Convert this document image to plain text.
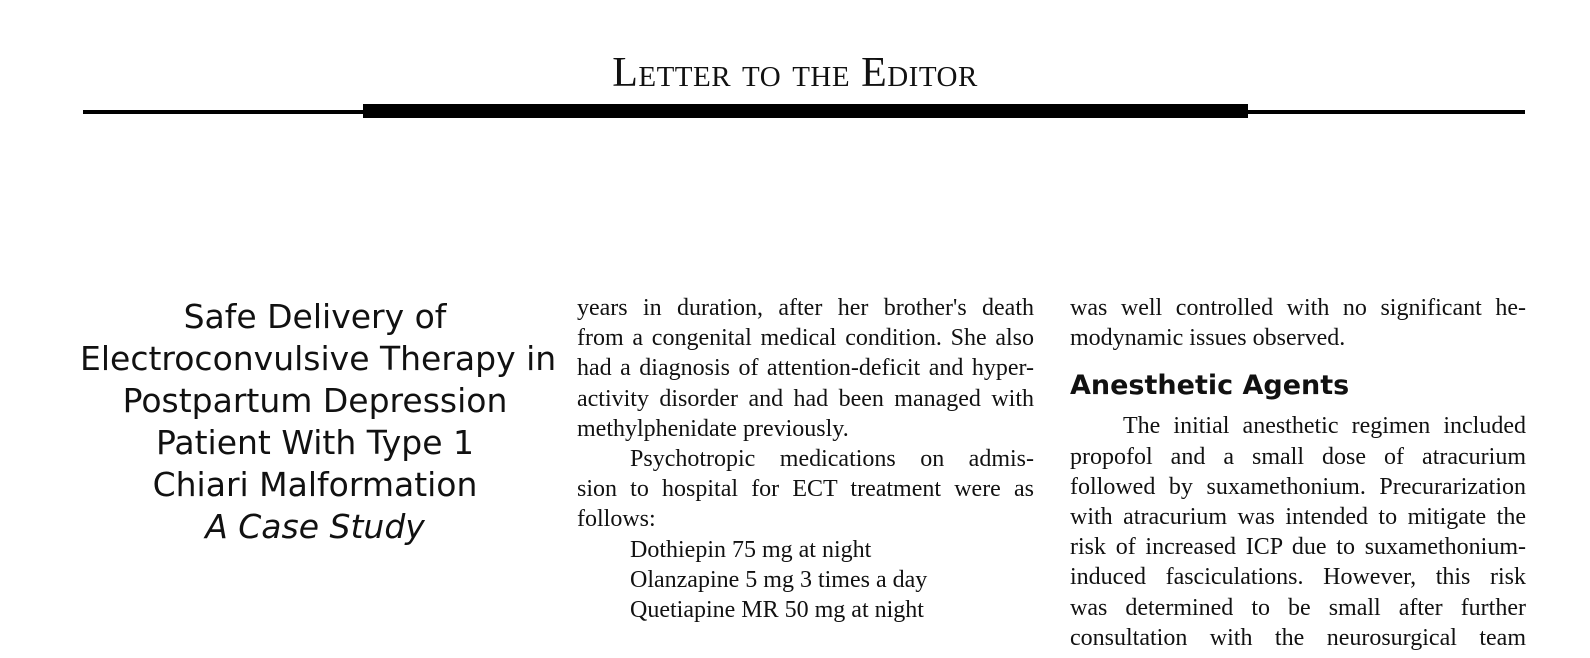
Letter to the Editor
Safe Delivery of
Electroconvulsive Therapy in
Postpartum Depression
Patient With Type 1
Chiari Malformation
A Case Study
years in duration, after her brother's death
from a congenital medical condition. She also
had a diagnosis of attention-deficit and hyper-
activity disorder and had been managed with
methylphenidate previously.
Psychotropic medications on admis-
sion to hospital for ECT treatment were as
follows:
Dothiepin 75 mg at night
Olanzapine 5 mg 3 times a day
Quetiapine MR 50 mg at night
was well controlled with no significant he-
modynamic issues observed.
Anesthetic Agents
The initial anesthetic regimen included
propofol and a small dose of atracurium
followed by suxamethonium. Precurarization
with atracurium was intended to mitigate the
risk of increased ICP due to suxamethonium-
induced fasciculations. However, this risk
was determined to be small after further
consultation with the neurosurgical team
